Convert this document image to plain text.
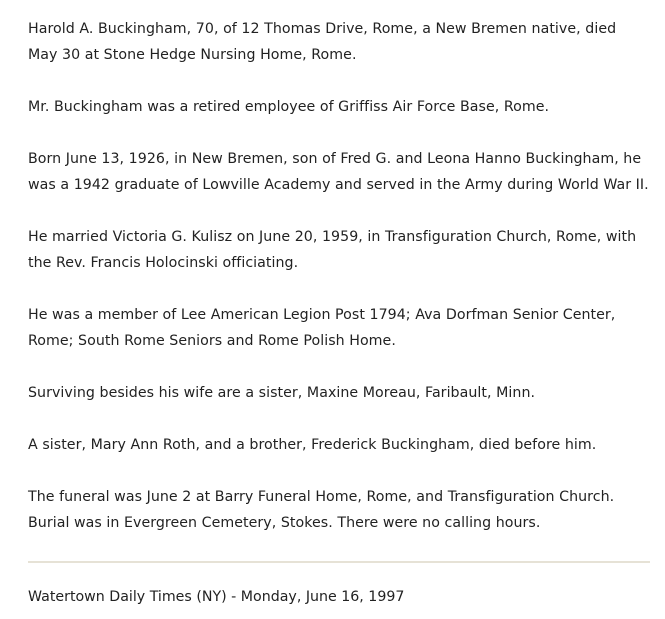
Harold A. Buckingham, 70, of 12 Thomas Drive, Rome, a New Bremen native, died May 30 at Stone Hedge Nursing Home, Rome.

Mr. Buckingham was a retired employee of Griffiss Air Force Base, Rome.

Born June 13, 1926, in New Bremen, son of Fred G. and Leona Hanno Buckingham, he was a 1942 graduate of Lowville Academy and served in the Army during World War II.

He married Victoria G. Kulisz on June 20, 1959, in Transfiguration Church, Rome, with the Rev. Francis Holocinski officiating.

He was a member of Lee American Legion Post 1794; Ava Dorfman Senior Center, Rome; South Rome Seniors and Rome Polish Home.

Surviving besides his wife are a sister, Maxine Moreau, Faribault, Minn.

A sister, Mary Ann Roth, and a brother, Frederick Buckingham, died before him.

The funeral was June 2 at Barry Funeral Home, Rome, and Transfiguration Church. Burial was in Evergreen Cemetery, Stokes. There were no calling hours.

Watertown Daily Times (NY) - Monday, June 16, 1997
